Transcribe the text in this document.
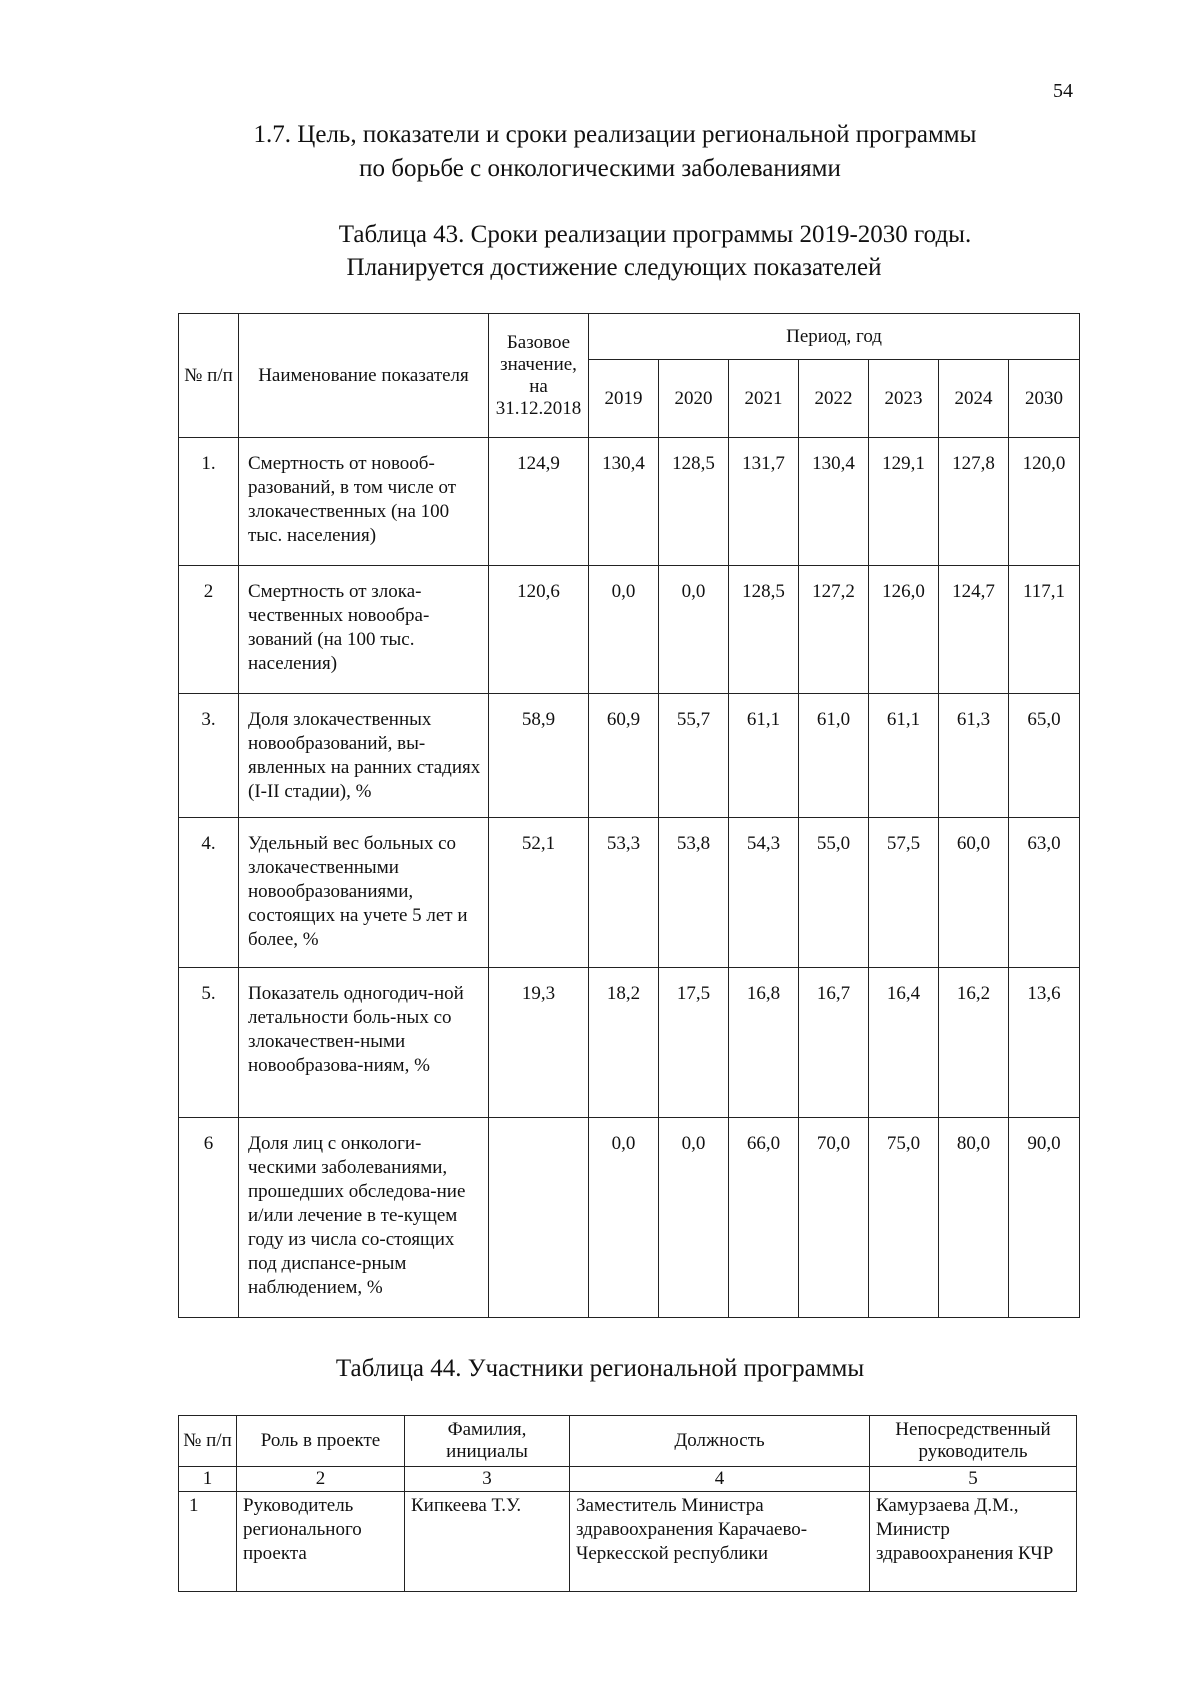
54
1.7. Цель, показатели и сроки реализации региональной программы
по борьбе с онкологическими заболеваниями
Таблица 43. Сроки реализации программы 2019-2030 годы.
Планируется достижение следующих показателей
№ п/п	Наименование показателя	Базовое значение, на 31.12.2018	Период, год						
			2019	2020	2021	2022	2023	2024	2030
1.	Смертность от новооб-разований, в том числе от злокачественных (на 100 тыс. населения)	124,9	130,4	128,5	131,7	130,4	129,1	127,8	120,0
2	Смертность от злока-чественных новообра-зований (на 100 тыс. населения)	120,6	0,0	0,0	128,5	127,2	126,0	124,7	117,1
3.	Доля злокачественных новообразований, вы-явленных на ранних стадиях (I-II стадии), %	58,9	60,9	55,7	61,1	61,0	61,1	61,3	65,0
4.	Удельный вес больных со злокачественными новообразованиями, состоящих на учете 5 лет и более, %	52,1	53,3	53,8	54,3	55,0	57,5	60,0	63,0
5.	Показатель одногодич-ной летальности боль-ных со злокачествен-ными новообразова-ниям, %	19,3	18,2	17,5	16,8	16,7	16,4	16,2	13,6
6	Доля лиц с онкологи-ческими заболеваниями, прошедших обследова-ние и/или лечение в те-кущем году из числа со-стоящих под диспансе-рным наблюдением, %		0,0	0,0	66,0	70,0	75,0	80,0	90,0
Таблица 44. Участники региональной программы
№ п/п	Роль в проекте	Фамилия, инициалы	Должность	Непосредственный руководитель
1	2	3	4	5
1	Руководитель регионального проекта	Кипкеева Т.У.	Заместитель Министра здравоохранения Карачаево-Черкесской республики	Камурзаева Д.М., Министр здравоохранения КЧР
